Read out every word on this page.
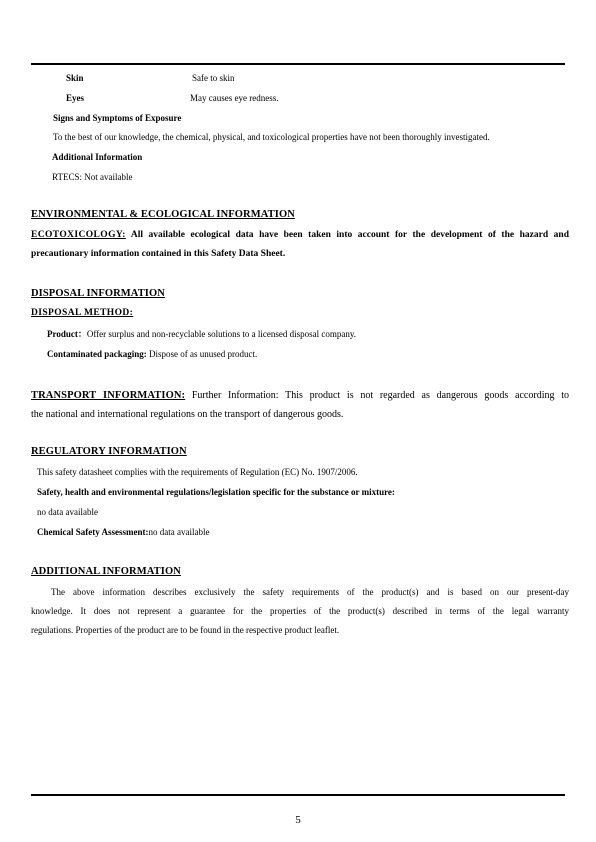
Skin	Safe to skin
Eyes	May causes eye redness.
Signs and Symptoms of Exposure
To the best of our knowledge, the chemical, physical, and toxicological properties have not been thoroughly investigated.
Additional Information
RTECS: Not available
ENVIRONMENTAL & ECOLOGICAL INFORMATION
ECOTOXICOLOGY: All available ecological data have been taken into account for the development of the hazard and
precautionary information contained in this Safety Data Sheet.
DISPOSAL INFORMATION
DISPOSAL METHOD:
Product：Offer surplus and non-recyclable solutions to a licensed disposal company.
Contaminated packaging: Dispose of as unused product.
TRANSPORT INFORMATION: Further Information: This product is not regarded as dangerous goods according to
the national and international regulations on the transport of dangerous goods.
REGULATORY INFORMATION
This safety datasheet complies with the requirements of Regulation (EC) No. 1907/2006.
Safety, health and environmental regulations/legislation specific for the substance or mixture:
no data available
Chemical Safety Assessment:no data available
ADDITIONAL INFORMATION
The above information describes exclusively the safety requirements of the product(s) and is based on our present-day
knowledge. It does not represent a guarantee for the properties of the product(s) described in terms of the legal warranty
regulations. Properties of the product are to be found in the respective product leaflet.
5
